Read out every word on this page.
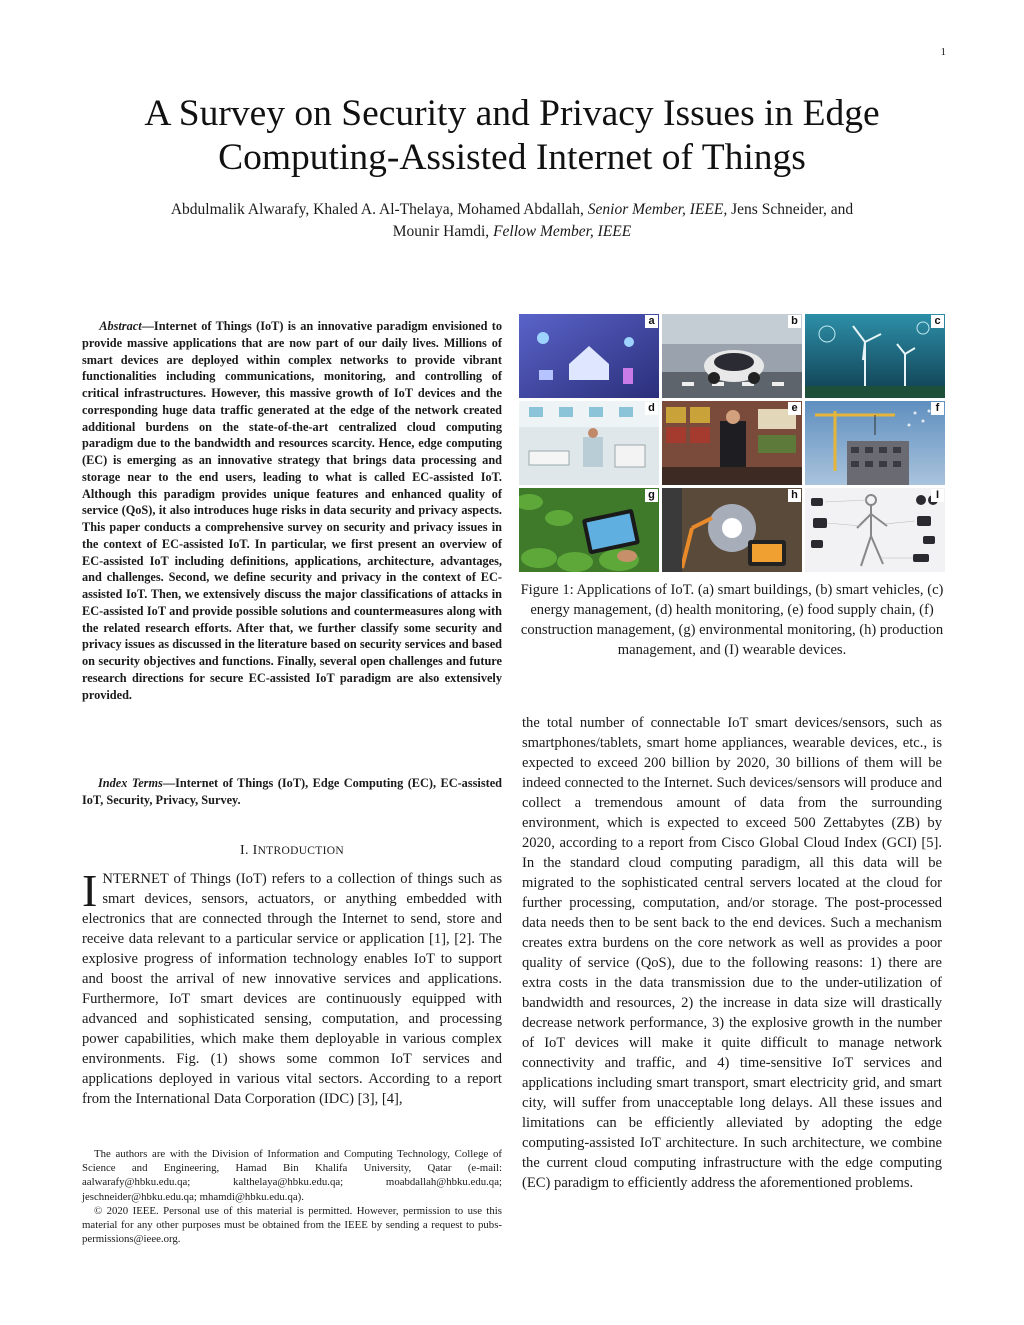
1
A Survey on Security and Privacy Issues in Edge
Computing-Assisted Internet of Things
Abdulmalik Alwarafy, Khaled A. Al-Thelaya, Mohamed Abdallah, Senior Member, IEEE, Jens Schneider, and
Mounir Hamdi, Fellow Member, IEEE
Abstract—Internet of Things (IoT) is an innovative paradigm envisioned to provide massive applications that are now part of our daily lives. Millions of smart devices are deployed within complex networks to provide vibrant functionalities including communications, monitoring, and controlling of critical infrastructures. However, this massive growth of IoT devices and the corresponding huge data traffic generated at the edge of the network created additional burdens on the state-of-the-art centralized cloud computing paradigm due to the bandwidth and resources scarcity. Hence, edge computing (EC) is emerging as an innovative strategy that brings data processing and storage near to the end users, leading to what is called EC-assisted IoT. Although this paradigm provides unique features and enhanced quality of service (QoS), it also introduces huge risks in data security and privacy aspects. This paper conducts a comprehensive survey on security and privacy issues in the context of EC-assisted IoT. In particular, we first present an overview of EC-assisted IoT including definitions, applications, architecture, advantages, and challenges. Second, we define security and privacy in the context of EC-assisted IoT. Then, we extensively discuss the major classifications of attacks in EC-assisted IoT and provide possible solutions and countermeasures along with the related research efforts. After that, we further classify some security and privacy issues as discussed in the literature based on security services and based on security objectives and functions. Finally, several open challenges and future research directions for secure EC-assisted IoT paradigm are also extensively provided.
Index Terms—Internet of Things (IoT), Edge Computing (EC), EC-assisted IoT, Security, Privacy, Survey.
I. INTRODUCTION
INTERNET of Things (IoT) refers to a collection of things such as smart devices, sensors, actuators, or anything embedded with electronics that are connected through the Internet to send, store and receive data relevant to a particular service or application [1], [2]. The explosive progress of information technology enables IoT to support and boost the arrival of new innovative services and applications. Furthermore, IoT smart devices are continuously equipped with advanced and sophisticated sensing, computation, and processing power capabilities, which make them deployable in various complex environments. Fig. (1) shows some common IoT services and applications deployed in various vital sectors. According to a report from the International Data Corporation (IDC) [3], [4],

The authors are with the Division of Information and Computing Technology, College of Science and Engineering, Hamad Bin Khalifa University, Qatar (e-mail: aalwarafy@hbku.edu.qa; kalthelaya@hbku.edu.qa; moabdallah@hbku.edu.qa; jeschneider@hbku.edu.qa; mhamdi@hbku.edu.qa).

© 2020 IEEE. Personal use of this material is permitted. However, permission to use this material for any other purposes must be obtained from the IEEE by sending a request to pubs-permissions@ieee.org.

a	b	c
d	e	f
g	h	I
Figure 1: Applications of IoT. (a) smart buildings, (b) smart vehicles, (c) energy management, (d) health monitoring, (e) food supply chain, (f) construction management, (g) environmental monitoring, (h) production management, and (I) wearable devices.
the total number of connectable IoT smart devices/sensors, such as smartphones/tablets, smart home appliances, wearable devices, etc., is expected to exceed 200 billion by 2020, 30 billions of them will be indeed connected to the Internet. Such devices/sensors will produce and collect a tremendous amount of data from the surrounding environment, which is expected to exceed 500 Zettabytes (ZB) by 2020, according to a report from Cisco Global Cloud Index (GCI) [5]. In the standard cloud computing paradigm, all this data will be migrated to the sophisticated central servers located at the cloud for further processing, computation, and/or storage. The post-processed data needs then to be sent back to the end devices. Such a mechanism creates extra burdens on the core network as well as provides a poor quality of service (QoS), due to the following reasons: 1) there are extra costs in the data transmission due to the under-utilization of bandwidth and resources, 2) the increase in data size will drastically decrease network performance, 3) the explosive growth in the number of IoT devices will make it quite difficult to manage network connectivity and traffic, and 4) time-sensitive IoT services and applications including smart transport, smart electricity grid, and smart city, will suffer from unacceptable long delays. All these issues and limitations can be efficiently alleviated by adopting the edge computing-assisted IoT architecture. In such architecture, we combine the current cloud computing infrastructure with the edge computing (EC) paradigm to efficiently address the aforementioned problems.
